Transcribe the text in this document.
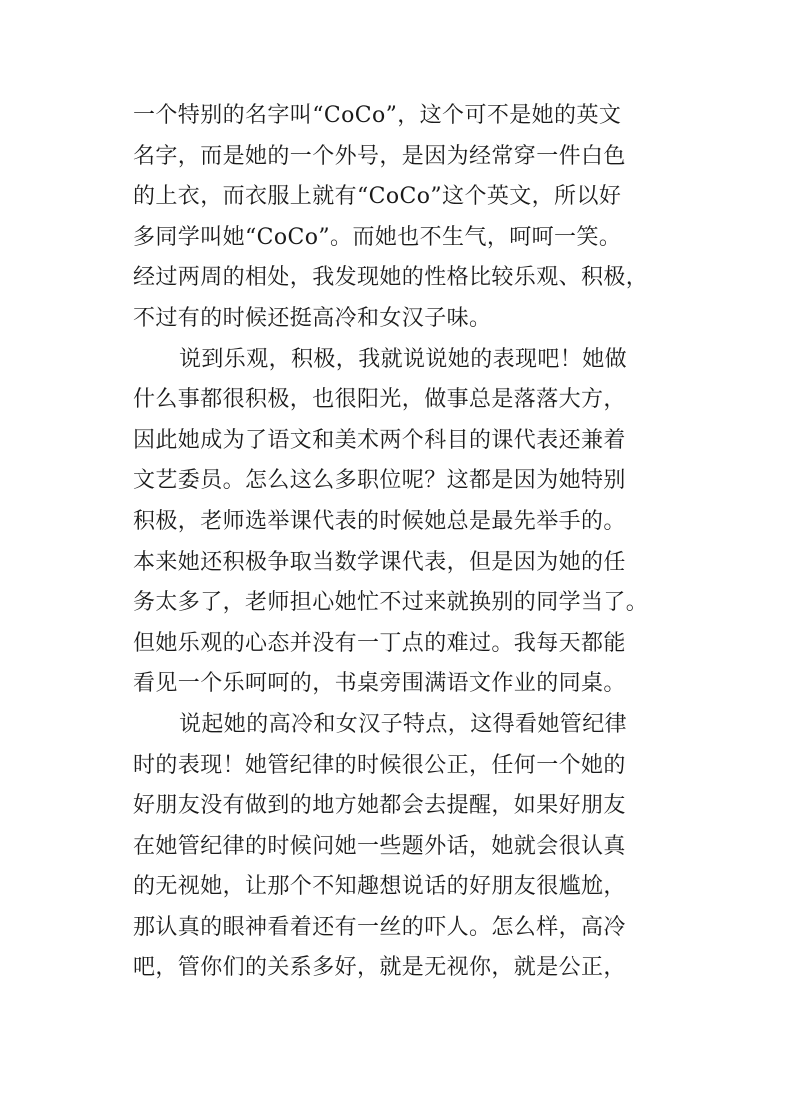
一个特别的名字叫“CoCo”，这个可不是她的英文
名字，而是她的一个外号，是因为经常穿一件白色
的上衣，而衣服上就有“CoCo”这个英文，所以好
多同学叫她“CoCo”。而她也不生气，呵呵一笑。
经过两周的相处，我发现她的性格比较乐观、积极，
不过有的时候还挺高冷和女汉子味。
说到乐观，积极，我就说说她的表现吧！她做
什么事都很积极，也很阳光，做事总是落落大方，
因此她成为了语文和美术两个科目的课代表还兼着
文艺委员。怎么这么多职位呢？这都是因为她特别
积极，老师选举课代表的时候她总是最先举手的。
本来她还积极争取当数学课代表，但是因为她的任
务太多了，老师担心她忙不过来就换别的同学当了。
但她乐观的心态并没有一丁点的难过。我每天都能
看见一个乐呵呵的，书桌旁围满语文作业的同桌。
说起她的高冷和女汉子特点，这得看她管纪律
时的表现！她管纪律的时候很公正，任何一个她的
好朋友没有做到的地方她都会去提醒，如果好朋友
在她管纪律的时候问她一些题外话，她就会很认真
的无视她，让那个不知趣想说话的好朋友很尴尬，
那认真的眼神看着还有一丝的吓人。怎么样，高冷
吧，管你们的关系多好，就是无视你，就是公正，
